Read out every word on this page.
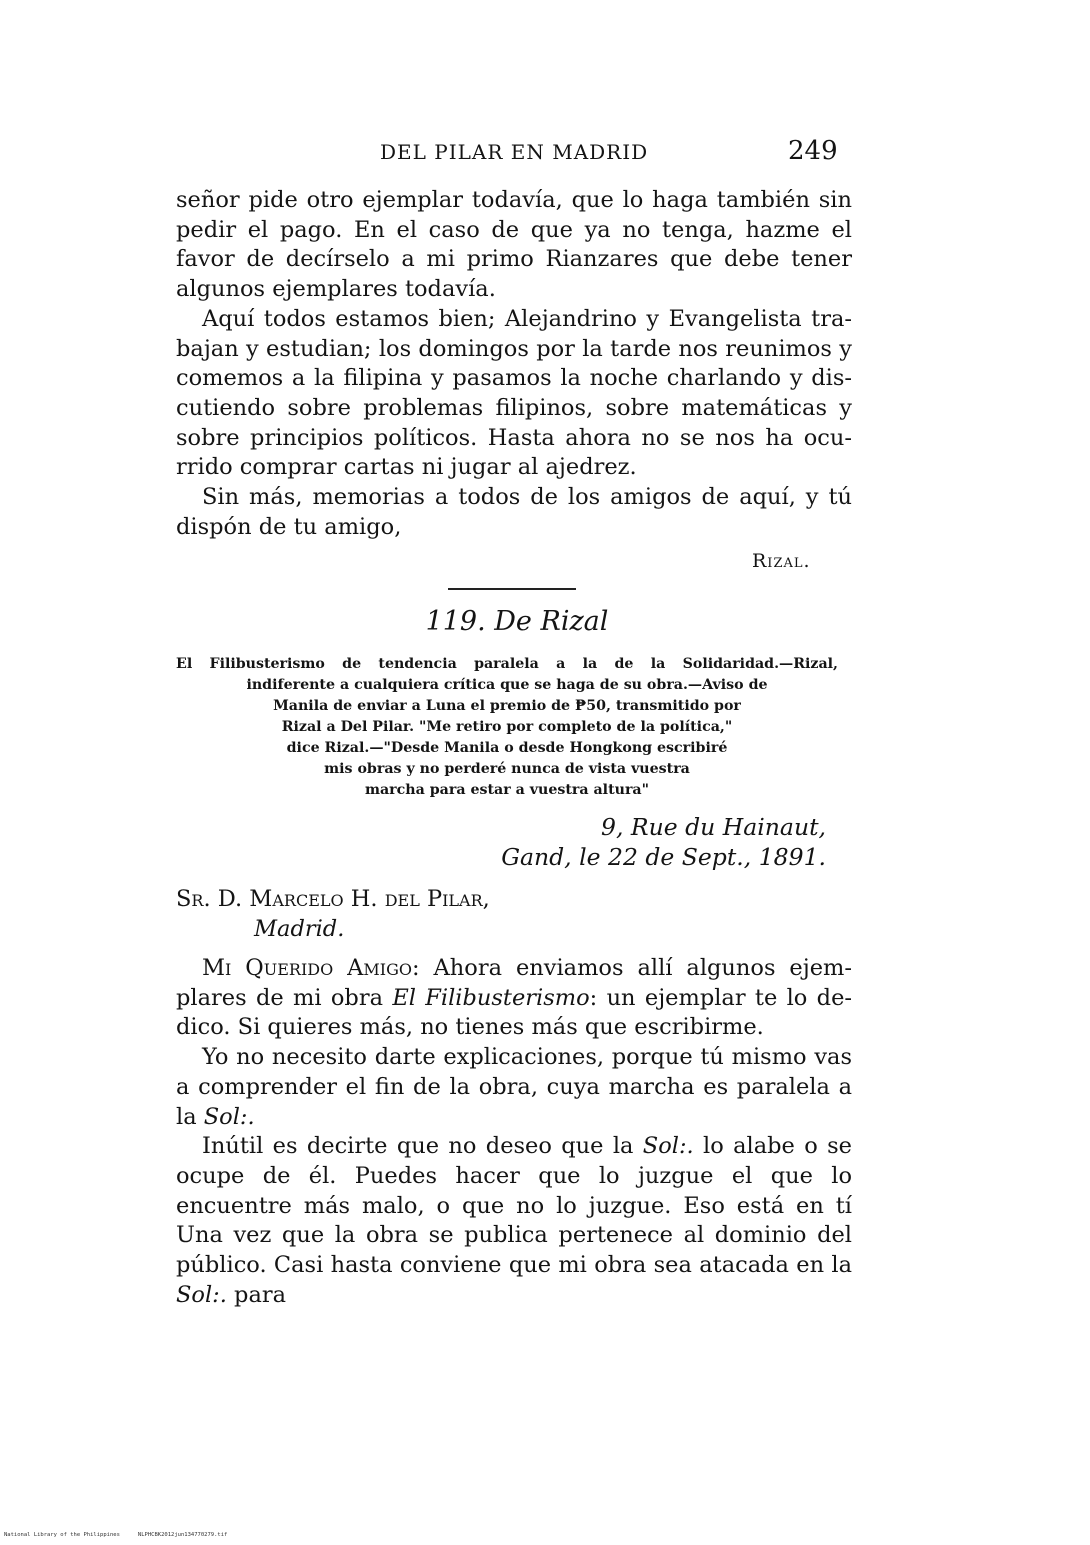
DEL PILAR EN MADRID	249

señor pide otro ejemplar todavía, que lo haga también sin pedir el pago. En el caso de que ya no tenga, hazme el favor de decírselo a mi primo Rianzares que debe tener algunos ejemplares todavía.

Aquí todos estamos bien; Alejandrino y Evangelista trabajan y estudian; los domingos por la tarde nos reunimos y comemos a la filipina y pasamos la noche charlando y discutiendo sobre problemas filipinos, sobre matemáticas y sobre principios políticos. Hasta ahora no se nos ha ocurrido comprar cartas ni jugar al ajedrez.

Sin más, memorias a todos de los amigos de aquí, y tú dispón de tu amigo,

Rizal.
119. De Rizal
El Filibusterismo de tendencia paralela a la de la Solidaridad.—Rizal,
indiferente a cualquiera crítica que se haga de su obra.—Aviso de
Manila de enviar a Luna el premio de ₱50, transmitido por
Rizal a Del Pilar. "Me retiro por completo de la política,"
dice Rizal.—"Desde Manila o desde Hongkong escribiré
mis obras y no perderé nunca de vista vuestra
marcha para estar a vuestra altura"
9, Rue du Hainaut,
Gand, le 22 de Sept., 1891.
Sr. D. Marcelo H. del Pilar,
Madrid.

Mi Querido Amigo: Ahora enviamos allí algunos ejemplares de mi obra El Filibusterismo: un ejemplar te lo dedico. Si quieres más, no tienes más que escribirme.

Yo no necesito darte explicaciones, porque tú mismo vas a comprender el fin de la obra, cuya marcha es paralela a la Sol:.

Inútil es decirte que no deseo que la Sol:. lo alabe o se ocupe de él. Puedes hacer que lo juzgue el que lo encuentre más malo, o que no lo juzgue. Eso está en tí Una vez que la obra se publica pertenece al dominio del público. Casi hasta conviene que mi obra sea atacada en la Sol:. para

National Library of the Philippines	NLPHCBK2012jun134770279.tif
